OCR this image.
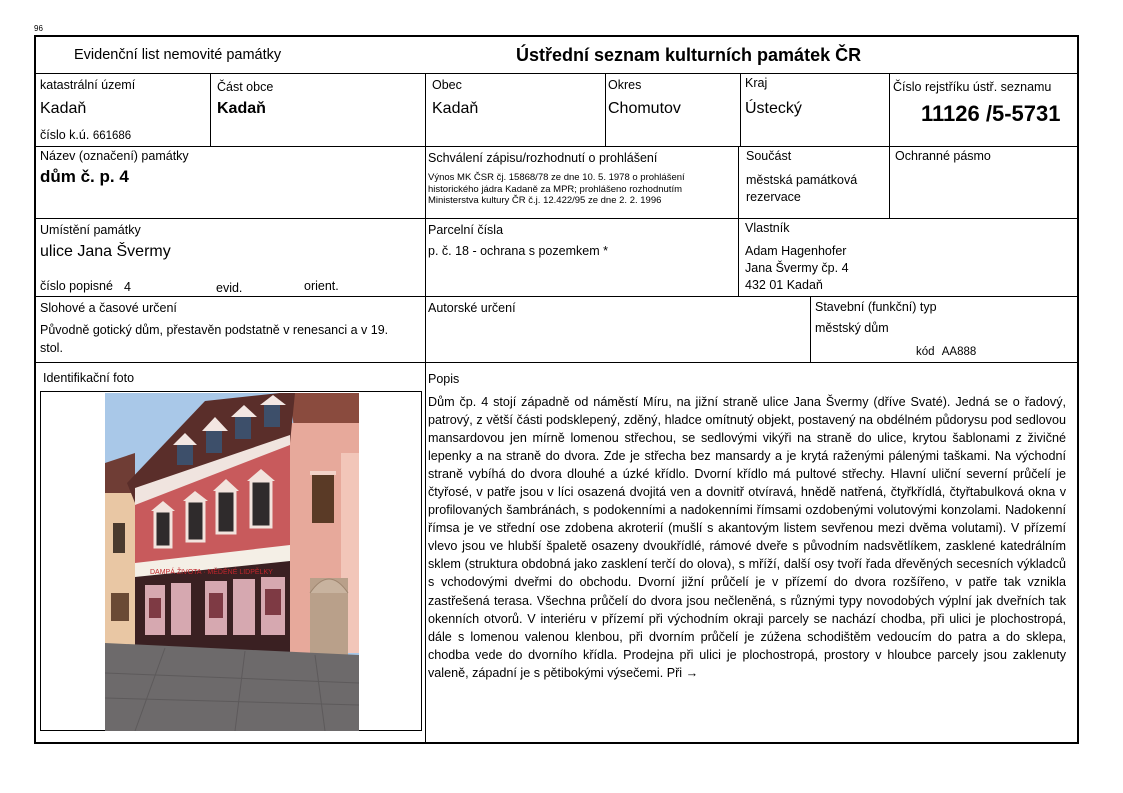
96
Evidenční list nemovité památky	Ústřední seznam kulturních památek ČR
katastrální území
Kadaň
číslo k.ú. 661686
Část obce
Kadaň
Obec
Kadaň
Okres
Chomutov
Kraj
Ústecký
Číslo rejstříku ústř. seznamu
11126 /5-5731
Název (označení) památky
dům č. p. 4
Schválení zápisu/rozhodnutí o prohlášení
Výnos MK ČSR čj. 15868/78 ze dne 10. 5. 1978 o prohlášení
historického jádra Kadaně za MPR; prohlášeno rozhodnutím
Ministerstva kultury ČR č.j. 12.422/95 ze dne 2. 2. 1996
Součást
městská památková
rezervace
Ochranné pásmo
Umístění památky
ulice Jana Švermy
číslo popisné 4	evid.	orient.
Parcelní čísla
p. č. 18 - ochrana s pozemkem *
Vlastník
Adam Hagenhofer
Jana Švermy čp. 4
432 01 Kadaň
Slohové a časové určení
Původně gotický dům, přestavěn podstatně v renesanci a v 19.
stol.
Autorské určení	Stavební (funkční) typ
městský dům
kód AA888
Identifikační foto
DAMPÁ ŽIVOTA · MĚDĚNÉ LIDPĚLKY
Popis
Dům čp. 4 stojí západně od náměstí Míru, na jižní straně ulice Jana Švermy (dříve Svaté). Jedná se o řadový, patrový, z větší části podsklepený, zděný, hladce omítnutý objekt, postavený na obdélném půdorysu pod sedlovou mansardovou jen mírně lomenou střechou, se sedlovými vikýři na straně do ulice, krytou šablonami z živičné lepenky a na straně do dvora. Zde je střecha bez mansardy a je krytá raženými pálenými taškami. Na východní straně vybíhá do dvora dlouhé a úzké křídlo. Dvorní křídlo má pultové střechy. Hlavní uliční severní průčelí je čtyřosé, v patře jsou v líci osazená dvojitá ven a dovnitř otvíravá, hnědě natřená, čtyřkřídlá, čtyřtabulková okna v profilovaných šambránách, s podokenními a nadokenními římsami ozdobenými volutovými konzolami. Nadokenní římsa je ve střední ose zdobena akroterií (mušlí s akantovým listem sevřenou mezi dvěma volutami). V přízemí vlevo jsou ve hlubší špaletě osazeny dvoukřídlé, rámové dveře s původním nadsvětlíkem, zasklené katedrálním sklem (struktura obdobná jako zasklení terčí do olova), s mříží, další osy tvoří řada dřevěných secesních výkladců s vchodovými dveřmi do obchodu. Dvorní jižní průčelí je v přízemí do dvora rozšířeno, v patře tak vznikla zastřešená terasa. Všechna průčelí do dvora jsou nečleněná, s různými typy novodobých výplní jak dveřních tak okenních otvorů. V interiéru v přízemí při východním okraji parcely se nachází chodba, při ulici je plochostropá, dále s lomenou valenou klenbou, při dvorním průčelí je zúžena schodištěm vedoucím do patra a do sklepa, chodba vede do dvorního křídla. Prodejna při ulici je plochostropá, prostory v hloubce parcely jsou zaklenuty valeně, západní je s pětibokými výsečemi. Při →
